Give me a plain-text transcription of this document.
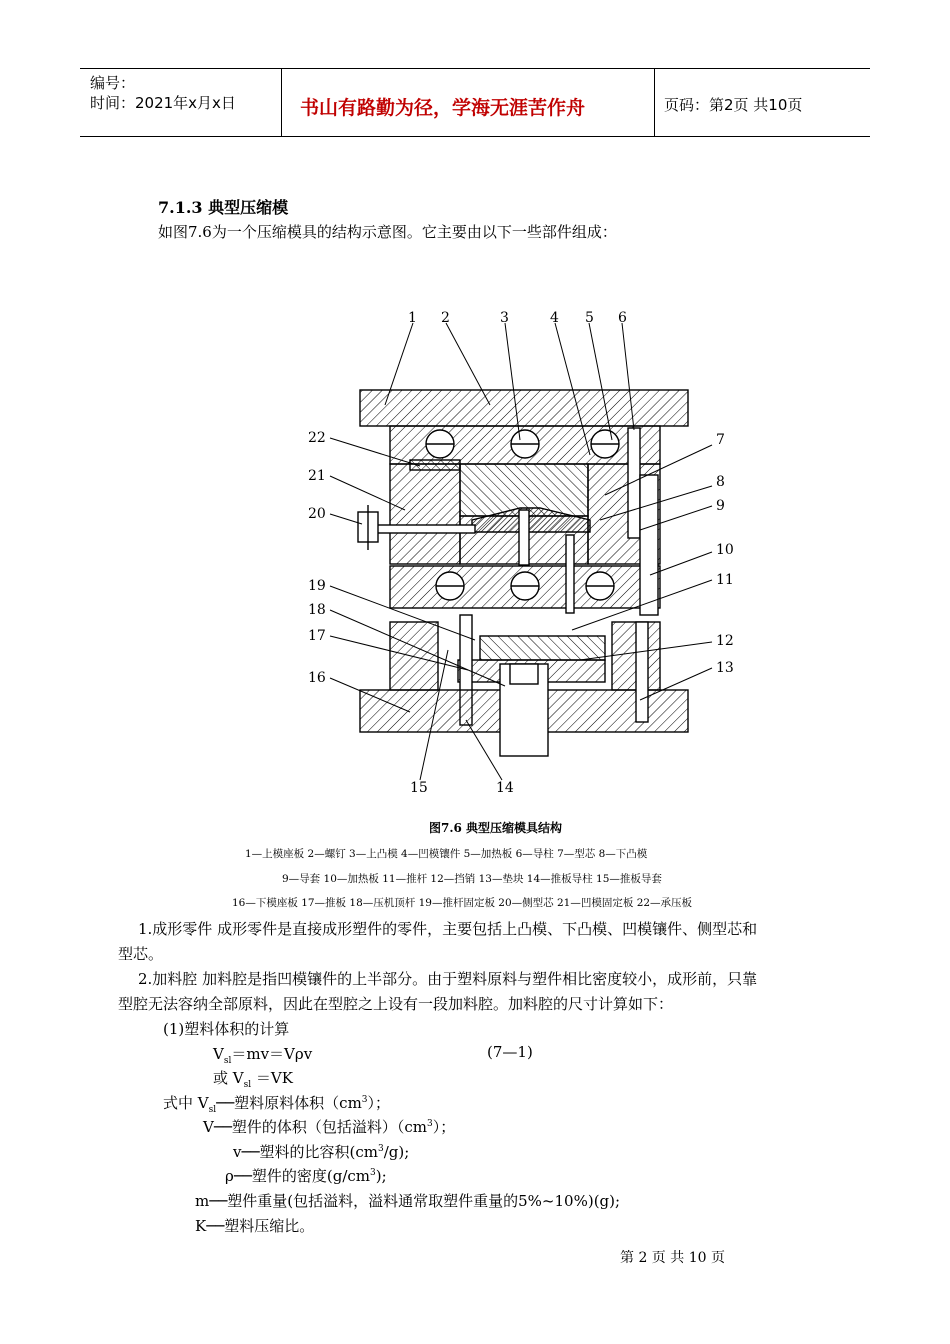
编号：
时间：2021年x月x日	书山有路勤为径，学海无涯苦作舟	页码：第2页 共10页
7.1.3 典型压缩模
如图7.6为一个压缩模具的结构示意图。它主要由以下一些部件组成：
1 2	3	4 5 6
7
8
9
10
11
12
13
14
15
16
17
18
19
20
21
22
图7.6 典型压缩模具结构
1—上模座板 2—螺钉 3—上凸模 4—凹模镶件 5—加热板 6—导柱 7—型芯 8—下凸模
9—导套 10—加热板 11—推杆 12—挡销 13—垫块 14—推板导柱 15—推板导套
16—下模座板 17—推板 18—压机顶杆 19—推杆固定板 20—侧型芯 21—凹模固定板 22—承压板
1.成形零件 成形零件是直接成形塑件的零件，主要包括上凸模、下凸模、凹模镶件、侧型芯和
型芯。
2.加料腔 加料腔是指凹模镶件的上半部分。由于塑料原料与塑件相比密度较小，成形前，只靠
型腔无法容纳全部原料，因此在型腔之上设有一段加料腔。加料腔的尺寸计算如下：
(1)塑料体积的计算
$V_{sl}=mv=V\rho v$	(7—1)
或 $V_{sl} =VK$
式中 $V_{sl}──$塑料原料体积$(cm^3)$；
V──塑件的体积（包括溢料）$(cm^3)$；
v──塑料的比容积$(cm^3/g)$;
ρ──塑件的密度$(g/cm^3)$;
m──塑件重量(包括溢料，溢料通常取塑件重量的5%~10%)(g);
K──塑料压缩比。
第 2 页 共 10 页
